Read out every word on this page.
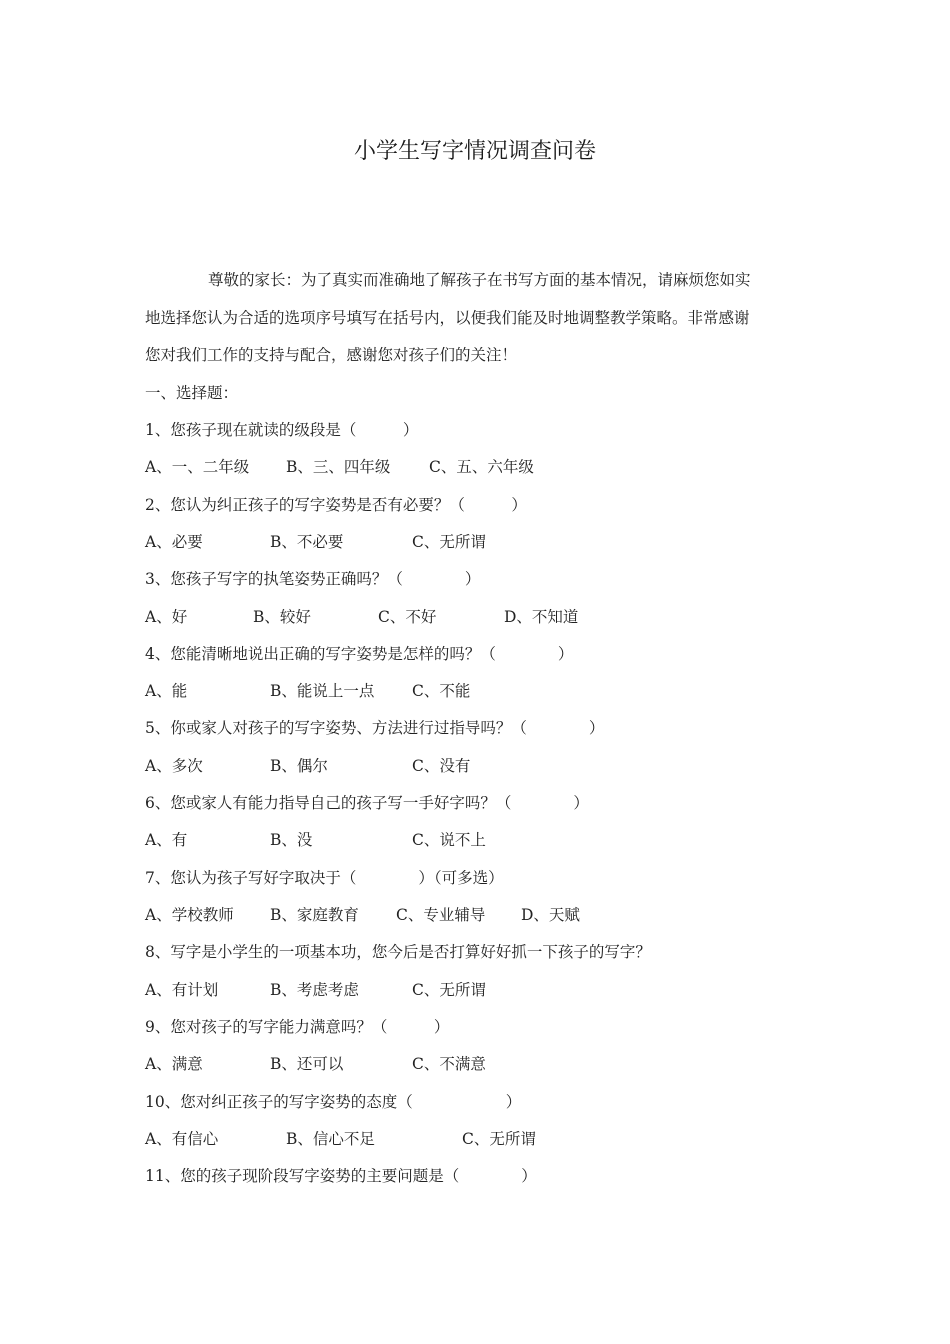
小学生写字情况调查问卷
尊敬的家长：为了真实而准确地了解孩子在书写方面的基本情况，请麻烦您如实
地选择您认为合适的选项序号填写在括号内，以便我们能及时地调整教学策略。非常感谢
您对我们工作的支持与配合，感谢您对孩子们的关注！
一、选择题：
1、您孩子现在就读的级段是（　　　）
A、一、二年级 B、三、四年级 C、五、六年级
2、您认为纠正孩子的写字姿势是否有必要？（　　　）
A、必要	B、不必要	C、无所谓
3、您孩子写字的执笔姿势正确吗？（　　　　）
A、好	B、较好	C、不好	D、不知道
4、您能清晰地说出正确的写字姿势是怎样的吗？（　　　　）
A、能	B、能说上一点 C、不能
5、你或家人对孩子的写字姿势、方法进行过指导吗？（　　　　）
A、多次	B、偶尔	C、没有
6、您或家人有能力指导自己的孩子写一手好字吗？（　　　　）
A、有	B、没	C、说不上
7、您认为孩子写好字取决于（　　　　）（可多选）
A、学校教师 B、家庭教育 C、专业辅导 D、天赋
8、写字是小学生的一项基本功，您今后是否打算好好抓一下孩子的写字？
A、有计划	B、考虑考虑	C、无所谓
9、您对孩子的写字能力满意吗？（　　　）
A、满意	B、还可以	C、不满意
10、您对纠正孩子的写字姿势的态度（　　　　　　）
A、有信心	B、信心不足	C、无所谓
11、您的孩子现阶段写字姿势的主要问题是（　　　　）
